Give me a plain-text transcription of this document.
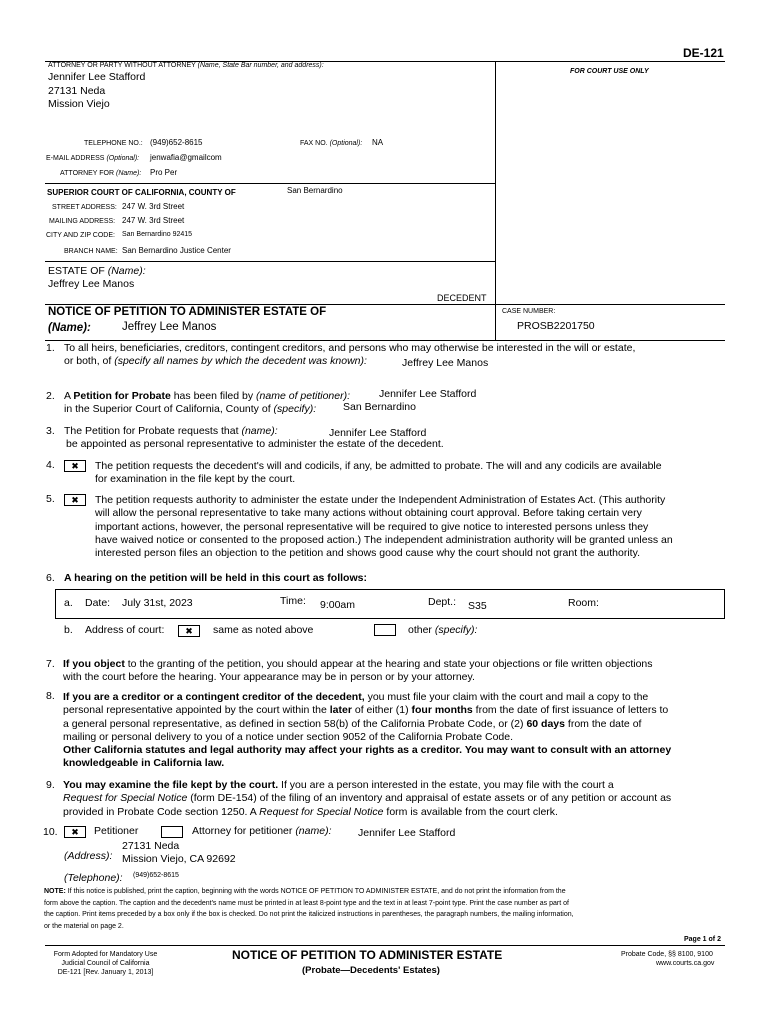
DE-121
ATTORNEY OR PARTY WITHOUT ATTORNEY (Name, State Bar number, and address):
FOR COURT USE ONLY
Jennifer Lee Stafford
27131 Neda
Mission Viejo
TELEPHONE NO.: (949)652-8615	FAX NO. (Optional): NA
E-MAIL ADDRESS (Optional): jenwafia@gmailcom
ATTORNEY FOR (Name): Pro Per
SUPERIOR COURT OF CALIFORNIA, COUNTY OF	San Bernardino
STREET ADDRESS: 247 W. 3rd Street
MAILING ADDRESS: 247 W. 3rd Street
CITY AND ZIP CODE: San Bernardino 92415
BRANCH NAME: San Bernardino Justice Center
ESTATE OF (Name):
Jeffrey Lee Manos
DECEDENT
NOTICE OF PETITION TO ADMINISTER ESTATE OF
(Name):	Jeffrey Lee Manos
CASE NUMBER:
PROSB2201750
1. To all heirs, beneficiaries, creditors, contingent creditors, and persons who may otherwise be interested in the will or estate,
or both, of (specify all names by which the decedent was known):	Jeffrey Lee Manos
2. A Petition for Probate has been filed by (name of petitioner):	Jennifer Lee Stafford
in the Superior Court of California, County of (specify):	San Bernardino
3. The Petition for Probate requests that (name):	Jennifer Lee Stafford
be appointed as personal representative to administer the estate of the decedent.
4.	✖	The petition requests the decedent's will and codicils, if any, be admitted to probate. The will and any codicils are available
for examination in the file kept by the court.
5.	✖	The petition requests authority to administer the estate under the Independent Administration of Estates Act. (This authority
will allow the personal representative to take many actions without obtaining court approval. Before taking certain very
important actions, however, the personal representative will be required to give notice to interested persons unless they
have waived notice or consented to the proposed action.) The independent administration authority will be granted unless an
interested person files an objection to the petition and shows good cause why the court should not grant the authority.
6. A hearing on the petition will be held in this court as follows:
a. Date: July 31st, 2023	Time: 9:00am	Dept.: S35	Room:
b. Address of court:	✖	same as noted above	other (specify):
7. If you object to the granting of the petition, you should appear at the hearing and state your objections or file written objections
with the court before the hearing. Your appearance may be in person or by your attorney.
8. If you are a creditor or a contingent creditor of the decedent, you must file your claim with the court and mail a copy to the
personal representative appointed by the court within the later of either (1) four months from the date of first issuance of letters to
a general personal representative, as defined in section 58(b) of the California Probate Code, or (2) 60 days from the date of
mailing or personal delivery to you of a notice under section 9052 of the California Probate Code.
Other California statutes and legal authority may affect your rights as a creditor. You may want to consult with an attorney
knowledgeable in California law.
9. You may examine the file kept by the court. If you are a person interested in the estate, you may file with the court a
Request for Special Notice (form DE-154) of the filing of an inventory and appraisal of estate assets or of any petition or account as
provided in Probate Code section 1250. A Request for Special Notice form is available from the court clerk.
10.	✖	Petitioner	Attorney for petitioner (name):	Jennifer Lee Stafford
(Address):
27131 Neda
Mission Viejo, CA 92692
(Telephone): (949)652-8615
NOTE: If this notice is published, print the caption, beginning with the words NOTICE OF PETITION TO ADMINISTER ESTATE, and do not print the information from the
form above the caption. The caption and the decedent's name must be printed in at least 8-point type and the text in at least 7-point type. Print the case number as part of
the caption. Print items preceded by a box only if the box is checked. Do not print the italicized instructions in parentheses, the paragraph numbers, the mailing information,
or the material on page 2.
Page 1 of 2
Form Adopted for Mandatory Use
Judicial Council of California
DE-121 [Rev. January 1, 2013]
NOTICE OF PETITION TO ADMINISTER ESTATE
(Probate—Decedents' Estates)
Probate Code, §§ 8100, 9100
www.courts.ca.gov
